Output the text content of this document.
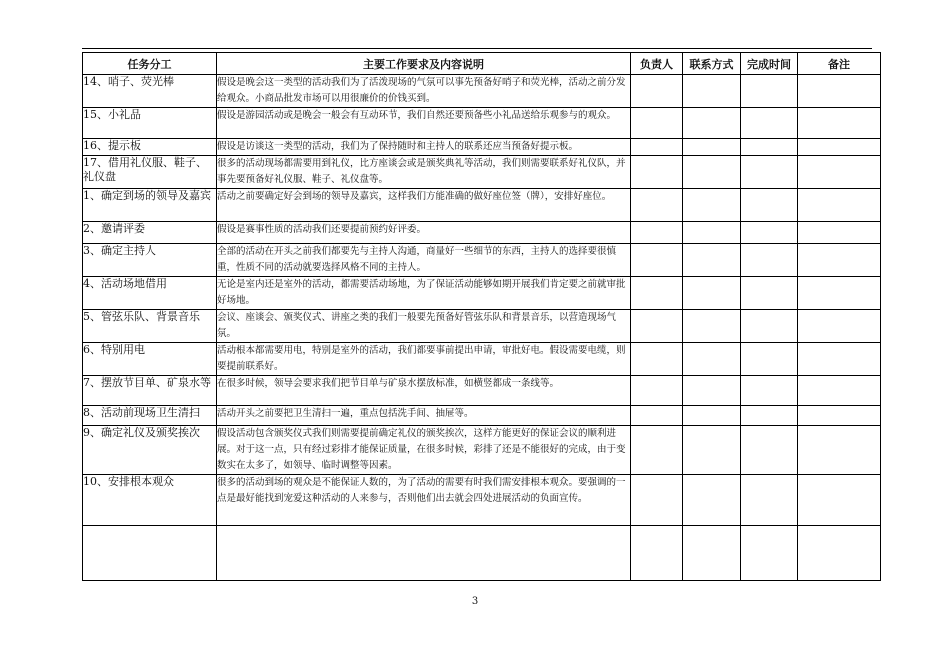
任务分工	主要工作要求及内容说明	负责人	联系方式	完成时间	备注

14、哨子、荧光棒	假设是晚会这一类型的活动我们为了活泼现场的气氛可以事先预备好哨子和荧光棒，活动之前分发给观众。小商品批发市场可以用很廉价的价钱买到。				

15、小礼品	假设是游园活动或是晚会一般会有互动环节，我们自然还要预备些小礼品送给乐观参与的观众。				

16、提示板	假设是访谈这一类型的活动，我们为了保持随时和主持人的联系还应当预备好提示板。				

17、借用礼仪服、鞋子、礼仪盘	很多的活动现场都需要用到礼仪，比方座谈会或是颁奖典礼等活动，我们则需要联系好礼仪队，并事先要预备好礼仪服、鞋子、礼仪盘等。				

1、确定到场的领导及嘉宾	活动之前要确定好会到场的领导及嘉宾，这样我们方能准确的做好座位签（牌），安排好座位。				

2、邀请评委	假设是赛事性质的活动我们还要提前预约好评委。				

3、确定主持人	全部的活动在开头之前我们都要先与主持人沟通，商量好一些细节的东西，主持人的选择要很慎重，性质不同的活动就要选择风格不同的主持人。				

4、活动场地借用	无论是室内还是室外的活动，都需要活动场地，为了保证活动能够如期开展我们肯定要之前就审批好场地。				

5、管弦乐队、背景音乐	会议、座谈会、颁奖仪式、讲座之类的我们一般要先预备好管弦乐队和背景音乐，以营造现场气氛。				

6、特别用电	活动根本都需要用电，特别是室外的活动，我们都要事前提出申请，审批好电。假设需要电缆，则要提前联系好。				

7、摆放节目单、矿泉水等	在很多时候，领导会要求我们把节目单与矿泉水摆放标准，如横竖都成一条线等。				

8、活动前现场卫生清扫	活动开头之前要把卫生清扫一遍，重点包括洗手间、抽屉等。				

9、确定礼仪及颁奖挨次	假设活动包含颁奖仪式我们则需要提前确定礼仪的颁奖挨次，这样方能更好的保证会议的顺利进展。对于这一点，只有经过彩排才能保证质量，在很多时候，彩排了还是不能很好的完成，由于变数实在太多了，如领导、临时调整等因素。				

10、安排根本观众	很多的活动到场的观众是不能保证人数的，为了活动的需要有时我们需安排根本观众。要强调的一点是最好能找到宠爱这种活动的人来参与，否则他们出去就会四处进展活动的负面宣传。				

3
